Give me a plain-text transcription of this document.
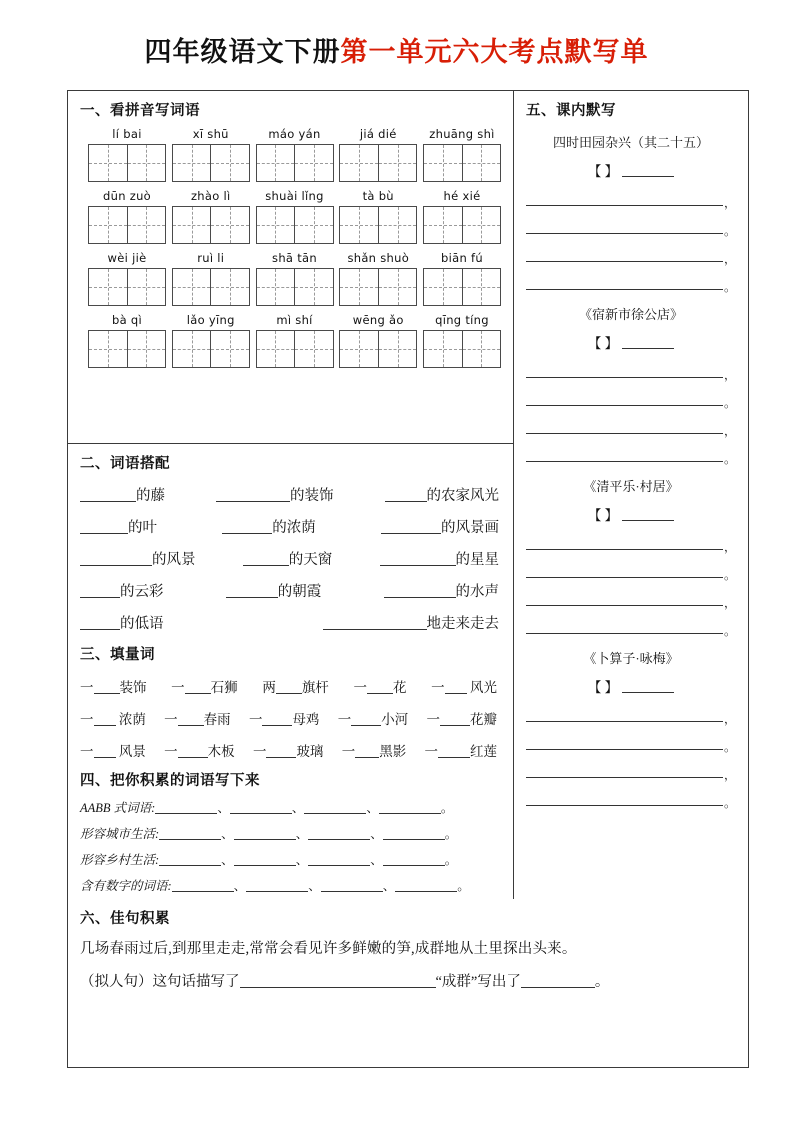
四年级语文下册第一单元六大考点默写单
一、看拼音写词语
lí bai	xī shū	máo yán	jiá dié	zhuāng shì
dūn zuò	zhào lì	shuài lǐng	tà bù	hé xié
wèi jiè	ruì li	shā tān	shǎn shuò	biān fú
bà qì	lǎo yīng	mì shí	wēng ǎo	qīng tíng
二、词语搭配
的藤	的装饰	的农家风光
的叶	的浓荫	的风景画
的风景	的天窗	的星星
的云彩	的朝霞	的水声
的低语	地走来走去
三、填量词
一 装饰 一 石狮 两 旗杆 一 花 一 风光
一 浓荫 一 春雨 一 母鸡 一 小河 一 花瓣
一 风景 一 木板 一 玻璃 一 黑影 一 红莲
四、把你积累的词语写下来
AABB 式词语:	、	、	、	。
形容城市生活:	、	、	、	。
形容乡村生活:	、	、	、	。
含有数字的词语:	、	、	、	。
五、课内默写
四时田园杂兴（其二十五）
【 】
，
。
，
。
《宿新市徐公店》
【 】
，
。
，
。
《清平乐·村居》
【 】
，
。
，
。
《卜算子·咏梅》
【 】
，
。
，
。
六、佳句积累
几场春雨过后,到那里走走,常常会看见许多鲜嫩的笋,成群地从土里探出头来。
（拟人句）这句话描写了	“成群”写出了	。
